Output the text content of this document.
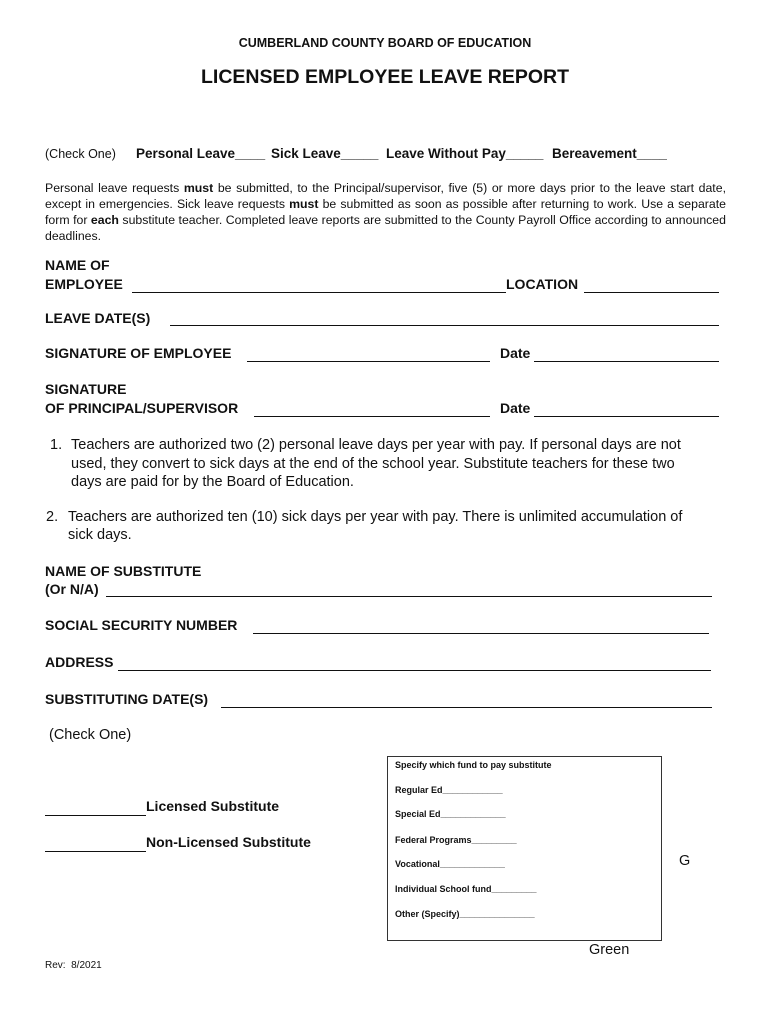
CUMBERLAND COUNTY BOARD OF EDUCATION
LICENSED EMPLOYEE LEAVE REPORT
(Check One) Personal Leave____ Sick Leave_____ Leave Without Pay_____ Bereavement____
Personal leave requests must be submitted, to the Principal/supervisor, five (5) or more days prior to the leave start date, except in emergencies. Sick leave requests must be submitted as soon as possible after returning to work. Use a separate form for each substitute teacher. Completed leave reports are submitted to the County Payroll Office according to announced deadlines.
NAME OF
EMPLOYEE	LOCATION
LEAVE DATE(S)
SIGNATURE OF EMPLOYEE	Date
SIGNATURE
OF PRINCIPAL/SUPERVISOR	Date
1. Teachers are authorized two (2) personal leave days per year with pay. If personal days are not
used, they convert to sick days at the end of the school year. Substitute teachers for these two
days are paid for by the Board of Education.
2. Teachers are authorized ten (10) sick days per year with pay. There is unlimited accumulation of
sick days.
NAME OF SUBSTITUTE
(Or N/A)
SOCIAL SECURITY NUMBER
ADDRESS
SUBSTITUTING DATE(S)
(Check One)
Licensed Substitute
Non-Licensed Substitute
Specify which fund to pay substitute
Regular Ed____________
Special Ed_____________
Federal Programs_________
Vocational_____________
Individual School fund_________
Other (Specify)_______________
G
Green
Rev:  8/2021
